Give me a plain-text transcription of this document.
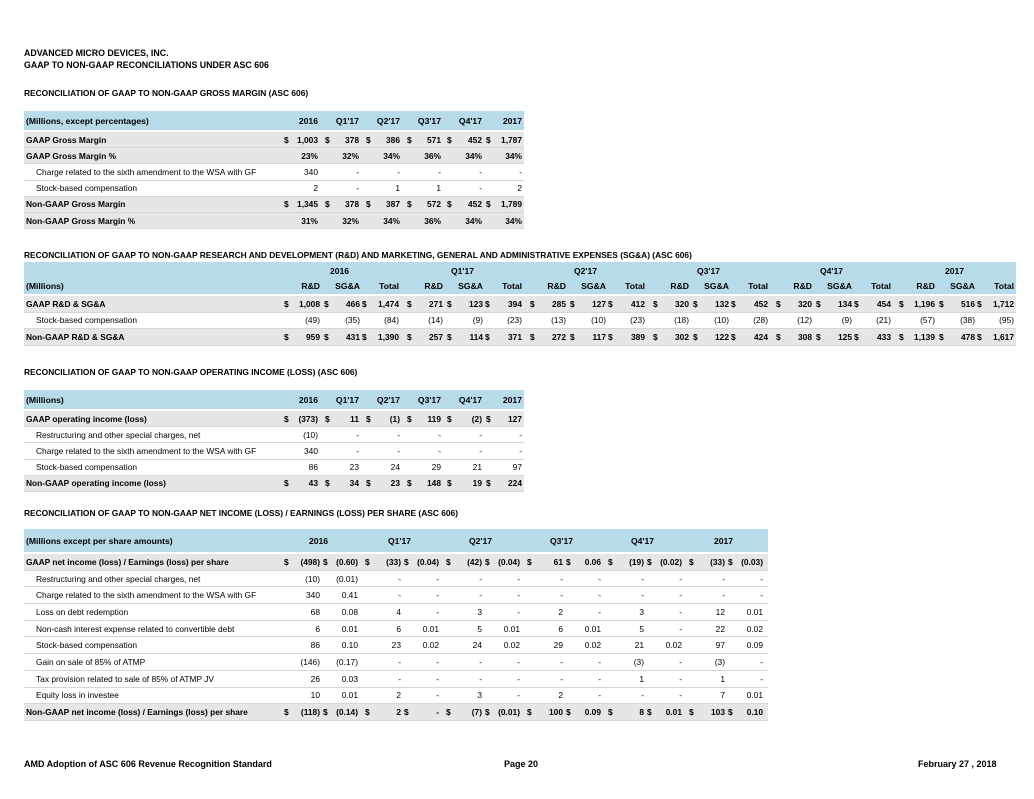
ADVANCED MICRO DEVICES, INC.
GAAP TO NON-GAAP RECONCILIATIONS UNDER ASC 606
RECONCILIATION OF GAAP TO NON-GAAP GROSS MARGIN (ASC 606)
RECONCILIATION OF GAAP TO NON-GAAP RESEARCH AND DEVELOPMENT (R&D) AND MARKETING, GENERAL AND ADMINISTRATIVE EXPENSES (SG&A) (ASC 606)
RECONCILIATION OF GAAP TO NON-GAAP OPERATING INCOME (LOSS) (ASC 606)
RECONCILIATION OF GAAP TO NON-GAAP NET INCOME (LOSS) / EARNINGS (LOSS) PER SHARE (ASC 606)
(Millions, except percentages)	2016	Q1'17	Q2'17	Q3'17	Q4'17	2017
GAAP Gross Margin	$ 1,003 $	378 $	386 $	571 $	452 $	1,787
GAAP Gross Margin %	23%	32%	34%	36%	34%	34%
Charge related to the sixth amendment to the WSA with GF	340	-	-	-	-	-
Stock-based compensation	2	-	1	1	-	2
Non-GAAP Gross Margin	$ 1,345 $	378 $	387 $	572 $	452 $	1,789
Non-GAAP Gross Margin %	31%	32%	34%	36%	34%	34%
2016	Q1'17	Q2'17	Q3'17	Q4'17	2017
(Millions)	R&D	SG&A	Total	R&D	SG&A	Total	R&D	SG&A	Total	R&D	SG&A	Total	R&D	SG&A	Total	R&D	SG&A	Total
GAAP R&D & SG&A	$	1,008 $	466 $	1,474 $	271 $	123 $	394 $	285 $	127 $	412 $	320 $	132 $	452 $	320 $	134 $	454 $	1,196 $	516 $	1,712
Stock-based compensation	(49)	(35)	(84)	(14)	(9)	(23)	(13)	(10)	(23)	(18)	(10)	(28)	(12)	(9)	(21)	(57)	(38)	(95)
Non-GAAP R&D & SG&A	$	959 $	431 $	1,390 $	257 $	114 $	371 $	272 $	117 $	389 $	302 $	122 $	424 $	308 $	125 $	433 $	1,139 $	478 $	1,617
(Millions)	2016	Q1'17	Q2'17	Q3'17	Q4'17	2017
GAAP operating income (loss)	$	(373) $	11 $	(1) $	119 $	(2) $	127
Restructuring and other special charges, net	(10)	-	-	-	-	-
Charge related to the sixth amendment to the WSA with GF	340	-	-	-	-	-
Stock-based compensation	86	23	24	29	21	97
Non-GAAP operating income (loss)	$	43 $	34 $	23 $	148 $	19 $	224
(Millions except per share amounts)	2016	Q1'17	Q2'17	Q3'17	Q4'17	2017
GAAP net income (loss) / Earnings (loss) per share	$	(498) $	(0.60) $	(33) $	(0.04) $	(42) $	(0.04) $	61 $	0.06 $	(19) $	(0.02) $	(33) $	(0.03)
Restructuring and other special charges, net	(10)	(0.01)	-	-	-	-	-	-	-	-	-	-
Charge related to the sixth amendment to the WSA with GF	340	0.41	-	-	-	-	-	-	-	-	-	-
Loss on debt redemption	68	0.08	4	-	3	-	2	-	3	-	12	0.01
Non-cash interest expense related to convertible debt	6	0.01	6	0.01	5	0.01	6	0.01	5	-	22	0.02
Stock-based compensation	86	0.10	23	0.02	24	0.02	29	0.02	21	0.02	97	0.09
Gain on sale of 85% of ATMP	(146)	(0.17)	-	-	-	-	-	-	(3)	-	(3)	-
Tax provision related to sale of 85% of ATMP JV	26	0.03	-	-	-	-	-	-	1	-	1	-
Equity loss in investee	10	0.01	2	-	3	-	2	-	-	-	7	0.01
Non-GAAP net income (loss) / Earnings (loss) per share	$	(118) $	(0.14) $	2 $	- $	(7) $	(0.01) $	100 $	0.09 $	8 $	0.01 $	103 $	0.10
AMD Adoption of ASC 606 Revenue Recognition Standard	Page 20	February 27 , 2018
